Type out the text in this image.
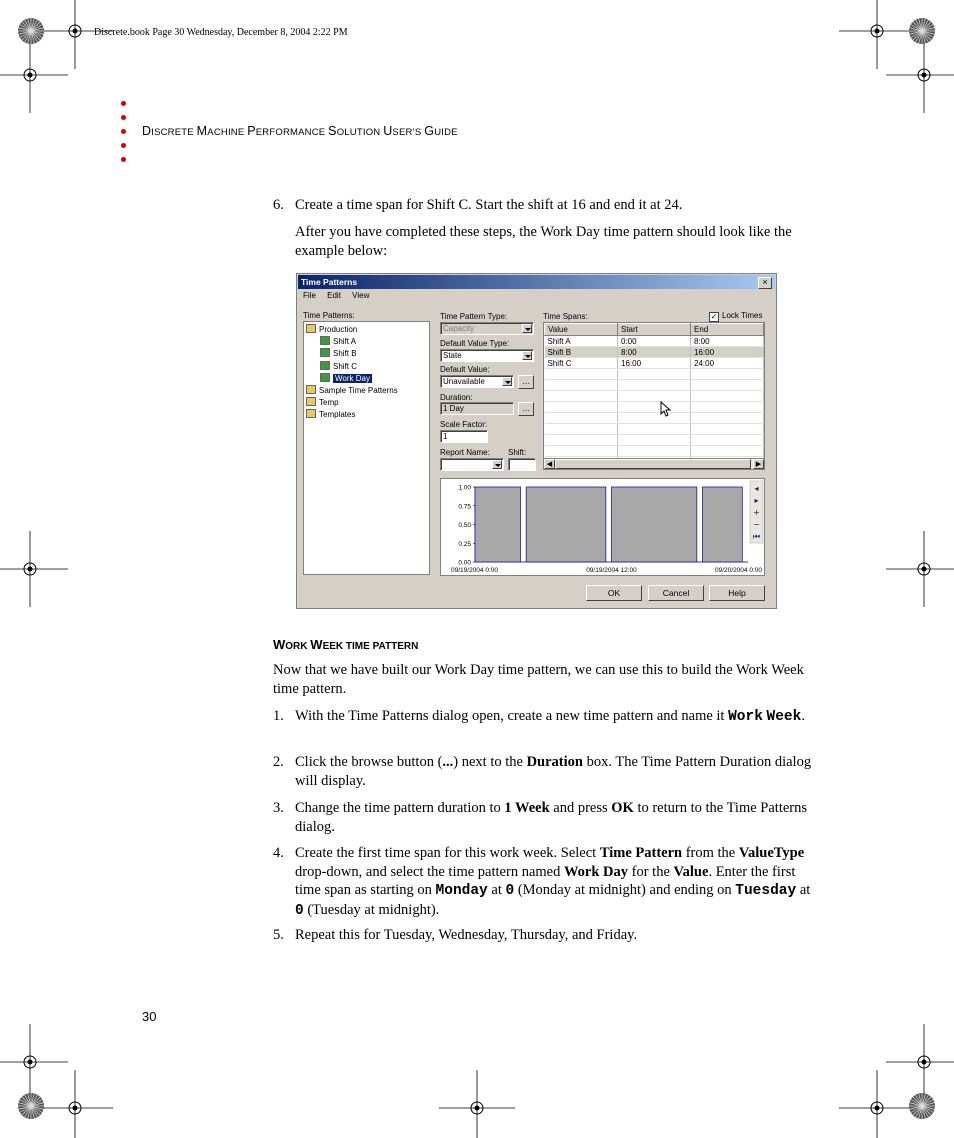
Discrete.book Page 30 Wednesday, December 8, 2004 2:22 PM
DISCRETE MACHINE PERFORMANCE SOLUTION USER’S GUIDE
6. Create a time span for Shift C. Start the shift at 16 and end it at 24.
After you have completed these steps, the Work Day time pattern should look like the example below:
Time Patterns	×
File Edit View
Time Patterns:
Production
Shift A
Shift B
Shift C
Work Day
Sample Time Patterns
Temp
Templates
Time Pattern Type:
Capacity
Default Value Type:
State
Default Value:
Unavailable	...
Duration:
1 Day	...
Scale Factor:
1
Report Name: Shift:
Time Spans:	✓ Lock Times
Value	Start	End
Shift A	0:00	8:00
Shift B	8:00	16:00
Shift C	16:00	24:00

◀	▶
1.00
0.75
0.50
0.25
0.00
09/19/2004 0:00	09/19/2004 12:00	09/20/2004 0:00
◂
▸
+
−
⏮
OK	Cancel	Help
WORK WEEK TIME PATTERN
Now that we have built our Work Day time pattern, we can use this to build the Work Week time pattern.
1. With the Time Patterns dialog open, create a new time pattern and name it Work Week.
2. Click the browse button (...) next to the Duration box. The Time Pattern Duration dialog will display.
3. Change the time pattern duration to 1 Week and press OK to return to the Time Patterns dialog.
4. Create the first time span for this work week. Select Time Pattern from the ValueType drop-down, and select the time pattern named Work Day for the Value. Enter the first time span as starting on Monday at 0 (Monday at midnight) and ending on Tuesday at 0 (Tuesday at midnight).
5. Repeat this for Tuesday, Wednesday, Thursday, and Friday.
30
